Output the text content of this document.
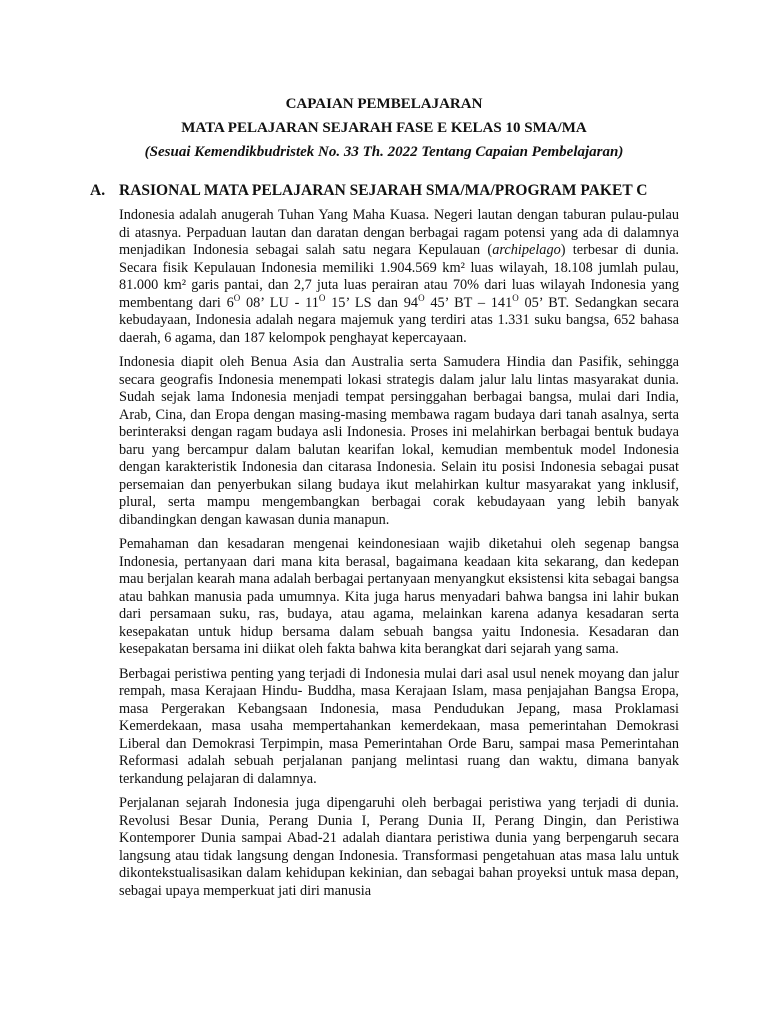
CAPAIAN PEMBELAJARAN

MATA PELAJARAN SEJARAH FASE E KELAS 10 SMA/MA

(Sesuai Kemendikbudristek No. 33 Th. 2022 Tentang Capaian Pembelajaran)

A. RASIONAL MATA PELAJARAN SEJARAH SMA/MA/PROGRAM PAKET C

Indonesia adalah anugerah Tuhan Yang Maha Kuasa. Negeri lautan dengan taburan pulau-pulau di atasnya. Perpaduan lautan dan daratan dengan berbagai ragam potensi yang ada di dalamnya menjadikan Indonesia sebagai salah satu negara Kepulauan (archipelago) terbesar di dunia. Secara fisik Kepulauan Indonesia memiliki 1.904.569 km² luas wilayah, 18.108 jumlah pulau, 81.000 km² garis pantai, dan 2,7 juta luas perairan atau 70% dari luas wilayah Indonesia yang membentang dari $6^O$ 08’ LU - $11^O$ 15’ LS dan $94^O$ 45’ BT – $141^O$ 05’ BT. Sedangkan secara kebudayaan, Indonesia adalah negara majemuk yang terdiri atas 1.331 suku bangsa, 652 bahasa daerah, 6 agama, dan 187 kelompok penghayat kepercayaan.

Indonesia diapit oleh Benua Asia dan Australia serta Samudera Hindia dan Pasifik, sehingga secara geografis Indonesia menempati lokasi strategis dalam jalur lalu lintas masyarakat dunia. Sudah sejak lama Indonesia menjadi tempat persinggahan berbagai bangsa, mulai dari India, Arab, Cina, dan Eropa dengan masing-masing membawa ragam budaya dari tanah asalnya, serta berinteraksi dengan ragam budaya asli Indonesia. Proses ini melahirkan berbagai bentuk budaya baru yang bercampur dalam balutan kearifan lokal, kemudian membentuk model Indonesia dengan karakteristik Indonesia dan citarasa Indonesia. Selain itu posisi Indonesia sebagai pusat persemaian dan penyerbukan silang budaya ikut melahirkan kultur masyarakat yang inklusif, plural, serta mampu mengembangkan berbagai corak kebudayaan yang lebih banyak dibandingkan dengan kawasan dunia manapun.

Pemahaman dan kesadaran mengenai keindonesiaan wajib diketahui oleh segenap bangsa Indonesia, pertanyaan dari mana kita berasal, bagaimana keadaan kita sekarang, dan kedepan mau berjalan kearah mana adalah berbagai pertanyaan menyangkut eksistensi kita sebagai bangsa atau bahkan manusia pada umumnya. Kita juga harus menyadari bahwa bangsa ini lahir bukan dari persamaan suku, ras, budaya, atau agama, melainkan karena adanya kesadaran serta kesepakatan untuk hidup bersama dalam sebuah bangsa yaitu Indonesia. Kesadaran dan kesepakatan bersama ini diikat oleh fakta bahwa kita berangkat dari sejarah yang sama.

Berbagai peristiwa penting yang terjadi di Indonesia mulai dari asal usul nenek moyang dan jalur rempah, masa Kerajaan Hindu- Buddha, masa Kerajaan Islam, masa penjajahan Bangsa Eropa, masa Pergerakan Kebangsaan Indonesia, masa Pendudukan Jepang, masa Proklamasi Kemerdekaan, masa usaha mempertahankan kemerdekaan, masa pemerintahan Demokrasi Liberal dan Demokrasi Terpimpin, masa Pemerintahan Orde Baru, sampai masa Pemerintahan Reformasi adalah sebuah perjalanan panjang melintasi ruang dan waktu, dimana banyak terkandung pelajaran di dalamnya.

Perjalanan sejarah Indonesia juga dipengaruhi oleh berbagai peristiwa yang terjadi di dunia. Revolusi Besar Dunia, Perang Dunia I, Perang Dunia II, Perang Dingin, dan Peristiwa Kontemporer Dunia sampai Abad-21 adalah diantara peristiwa dunia yang berpengaruh secara langsung atau tidak langsung dengan Indonesia. Transformasi pengetahuan atas masa lalu untuk dikontekstualisasikan dalam kehidupan kekinian, dan sebagai bahan proyeksi untuk masa depan, sebagai upaya memperkuat jati diri manusia
